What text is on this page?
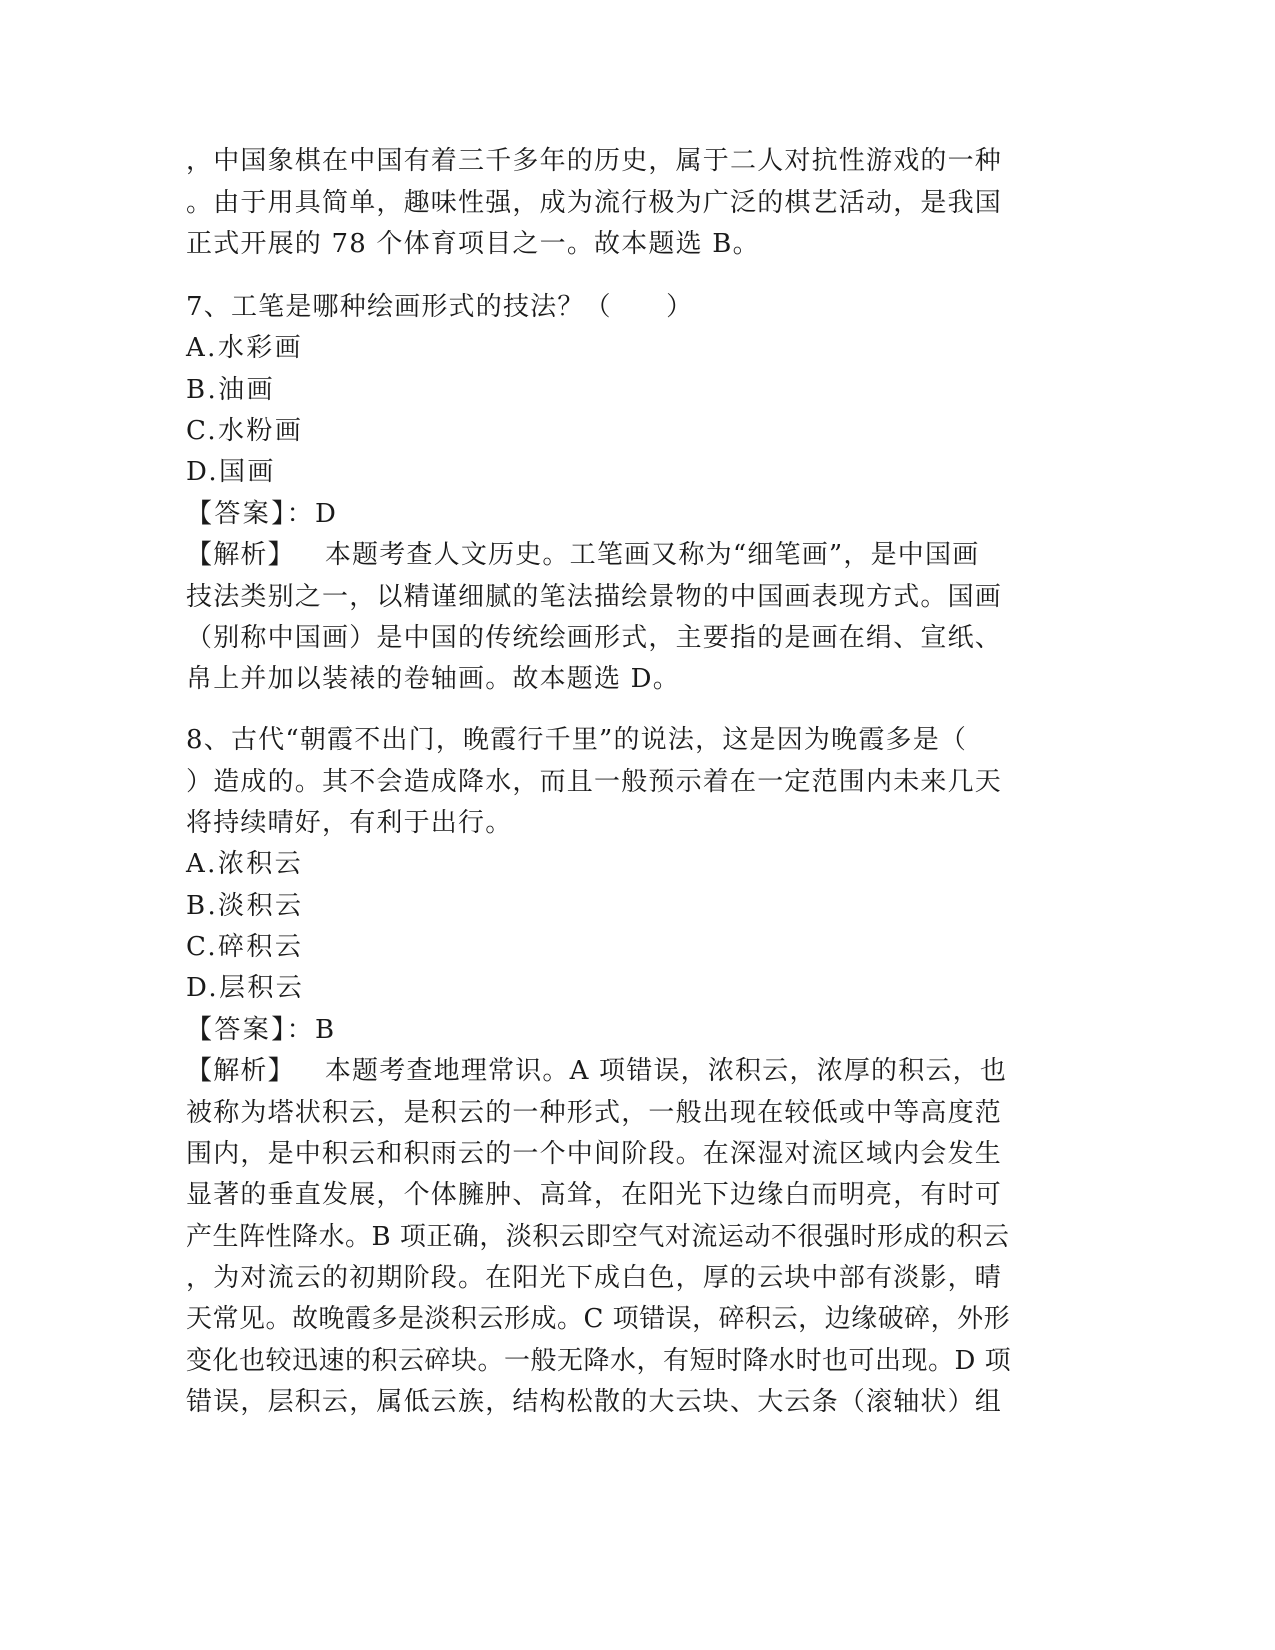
，中国象棋在中国有着三千多年的历史，属于二人对抗性游戏的一种

。由于用具简单，趣味性强，成为流行极为广泛的棋艺活动，是我国

正式开展的 78 个体育项目之一。故本题选 B。

7、工笔是哪种绘画形式的技法？（　　）

A.水彩画

B.油画

C.水粉画

D.国画

【答案】：D

【解析】 本题考查人文历史。工笔画又称为“细笔画”，是中国画

技法类别之一，以精谨细腻的笔法描绘景物的中国画表现方式。国画

（别称中国画）是中国的传统绘画形式，主要指的是画在绢、宣纸、

帛上并加以装裱的卷轴画。故本题选 D。

8、古代“朝霞不出门，晚霞行千里”的说法，这是因为晚霞多是（

）造成的。其不会造成降水，而且一般预示着在一定范围内未来几天

将持续晴好，有利于出行。

A.浓积云

B.淡积云

C.碎积云

D.层积云

【答案】：B

【解析】 本题考查地理常识。A 项错误，浓积云，浓厚的积云，也

被称为塔状积云，是积云的一种形式，一般出现在较低或中等高度范

围内，是中积云和积雨云的一个中间阶段。在深湿对流区域内会发生

显著的垂直发展，个体臃肿、高耸，在阳光下边缘白而明亮，有时可

产生阵性降水。B 项正确，淡积云即空气对流运动不很强时形成的积云

，为对流云的初期阶段。在阳光下成白色，厚的云块中部有淡影，晴

天常见。故晚霞多是淡积云形成。C 项错误，碎积云，边缘破碎，外形

变化也较迅速的积云碎块。一般无降水，有短时降水时也可出现。D 项

错误，层积云，属低云族，结构松散的大云块、大云条（滚轴状）组
